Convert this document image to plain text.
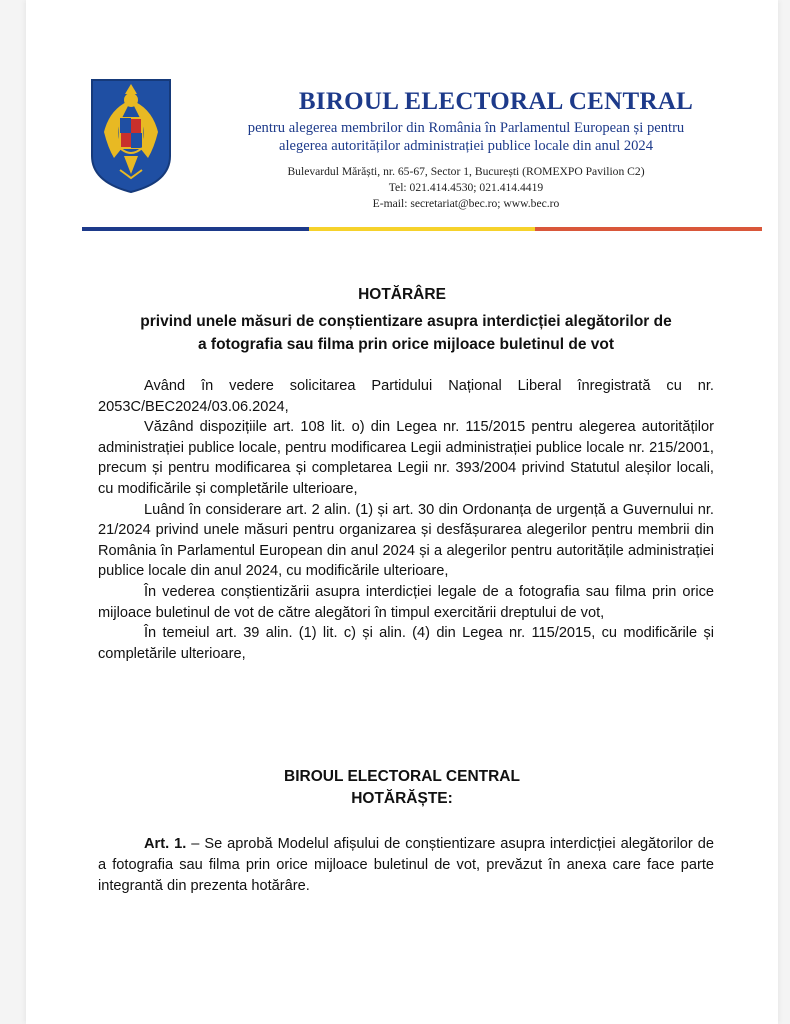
BIROUL ELECTORAL CENTRAL
pentru alegerea membrilor din România în Parlamentul European și pentru
alegerea autorităților administrației publice locale din anul 2024
Bulevardul Mărăști, nr. 65-67, Sector 1, București (ROMEXPO Pavilion C2)
Tel: 021.414.4530; 021.414.4419
E-mail: secretariat@bec.ro; www.bec.ro
HOTĂRÂRE
privind unele măsuri de conștientizare asupra interdicției alegătorilor de
a fotografia sau filma prin orice mijloace buletinul de vot

Având în vedere solicitarea Partidului Național Liberal înregistrată cu nr. 2053C/BEC2024/03.06.2024,

Văzând dispozițiile art. 108 lit. o) din Legea nr. 115/2015 pentru alegerea autorităților administrației publice locale, pentru modificarea Legii administrației publice locale nr. 215/2001, precum și pentru modificarea și completarea Legii nr. 393/2004 privind Statutul aleșilor locali, cu modificările și completările ulterioare,

Luând în considerare art. 2 alin. (1) și art. 30 din Ordonanța de urgență a Guvernului nr. 21/2024 privind unele măsuri pentru organizarea și desfășurarea alegerilor pentru membrii din România în Parlamentul European din anul 2024 și a alegerilor pentru autoritățile administrației publice locale din anul 2024, cu modificările ulterioare,

În vederea conștientizării asupra interdicției legale de a fotografia sau filma prin orice mijloace buletinul de vot de către alegători în timpul exercitării dreptului de vot,

În temeiul art. 39 alin. (1) lit. c) și alin. (4) din Legea nr. 115/2015, cu modificările și completările ulterioare,

BIROUL ELECTORAL CENTRAL
HOTĂRĂȘTE:
Art. 1. – Se aprobă Modelul afișului de conștientizare asupra interdicției alegătorilor de a fotografia sau filma prin orice mijloace buletinul de vot, prevăzut în anexa care face parte integrantă din prezenta hotărâre.
